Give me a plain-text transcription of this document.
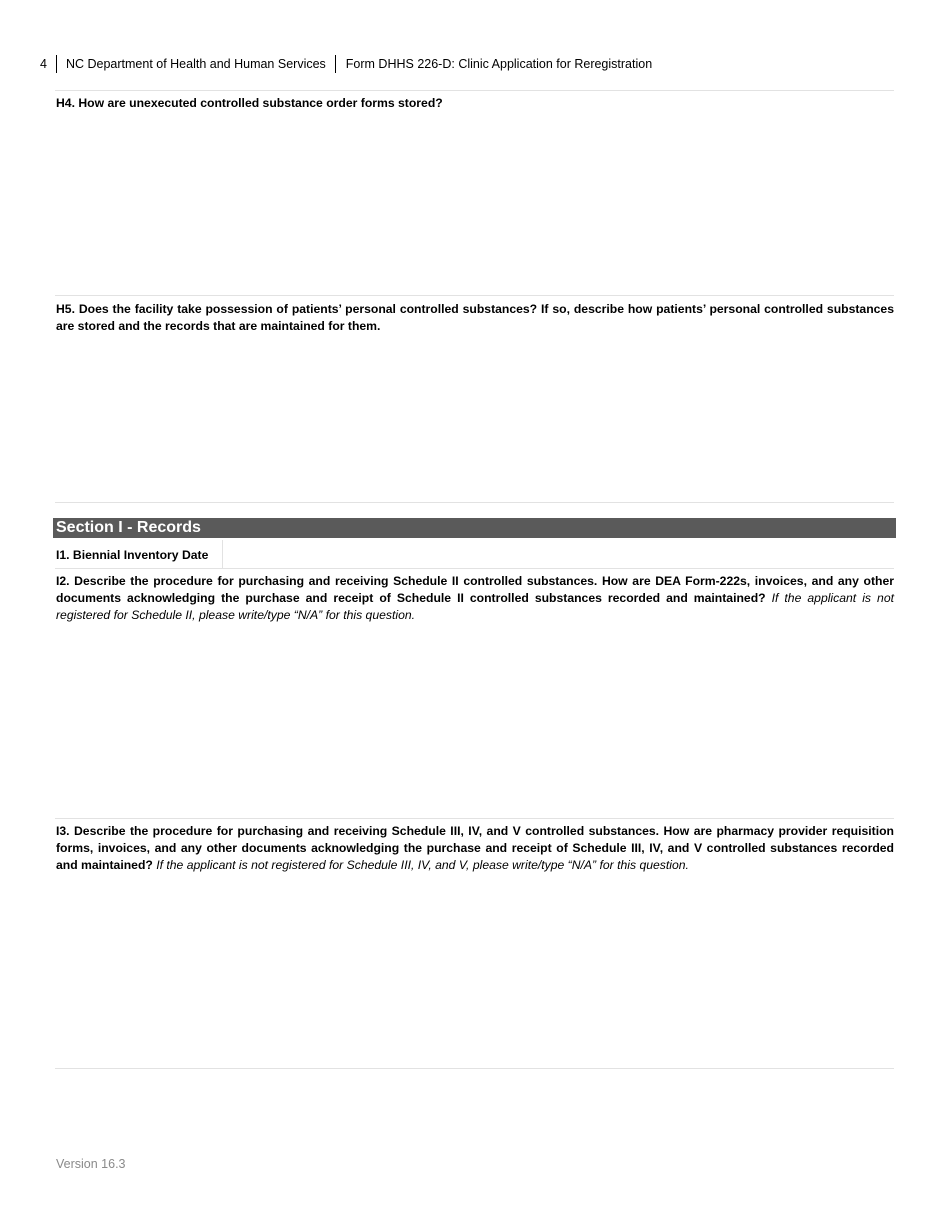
4	NC Department of Health and Human Services	Form DHHS 226-D: Clinic Application for Reregistration

H4. How are unexecuted controlled substance order forms stored?

H5. Does the facility take possession of patients’ personal controlled substances? If so, describe how patients’ personal controlled substances are stored and the records that are maintained for them.

Section I - Records
I1. Biennial Inventory Date

I2. Describe the procedure for purchasing and receiving Schedule II controlled substances. How are DEA Form-222s, invoices, and any other documents acknowledging the purchase and receipt of Schedule II controlled substances recorded and maintained? If the applicant is not registered for Schedule II, please write/type “N/A” for this question.

I3. Describe the procedure for purchasing and receiving Schedule III, IV, and V controlled substances. How are pharmacy provider requisition forms, invoices, and any other documents acknowledging the purchase and receipt of Schedule III, IV, and V controlled substances recorded and maintained? If the applicant is not registered for Schedule III, IV, and V, please write/type “N/A” for this question.

Version 16.3
